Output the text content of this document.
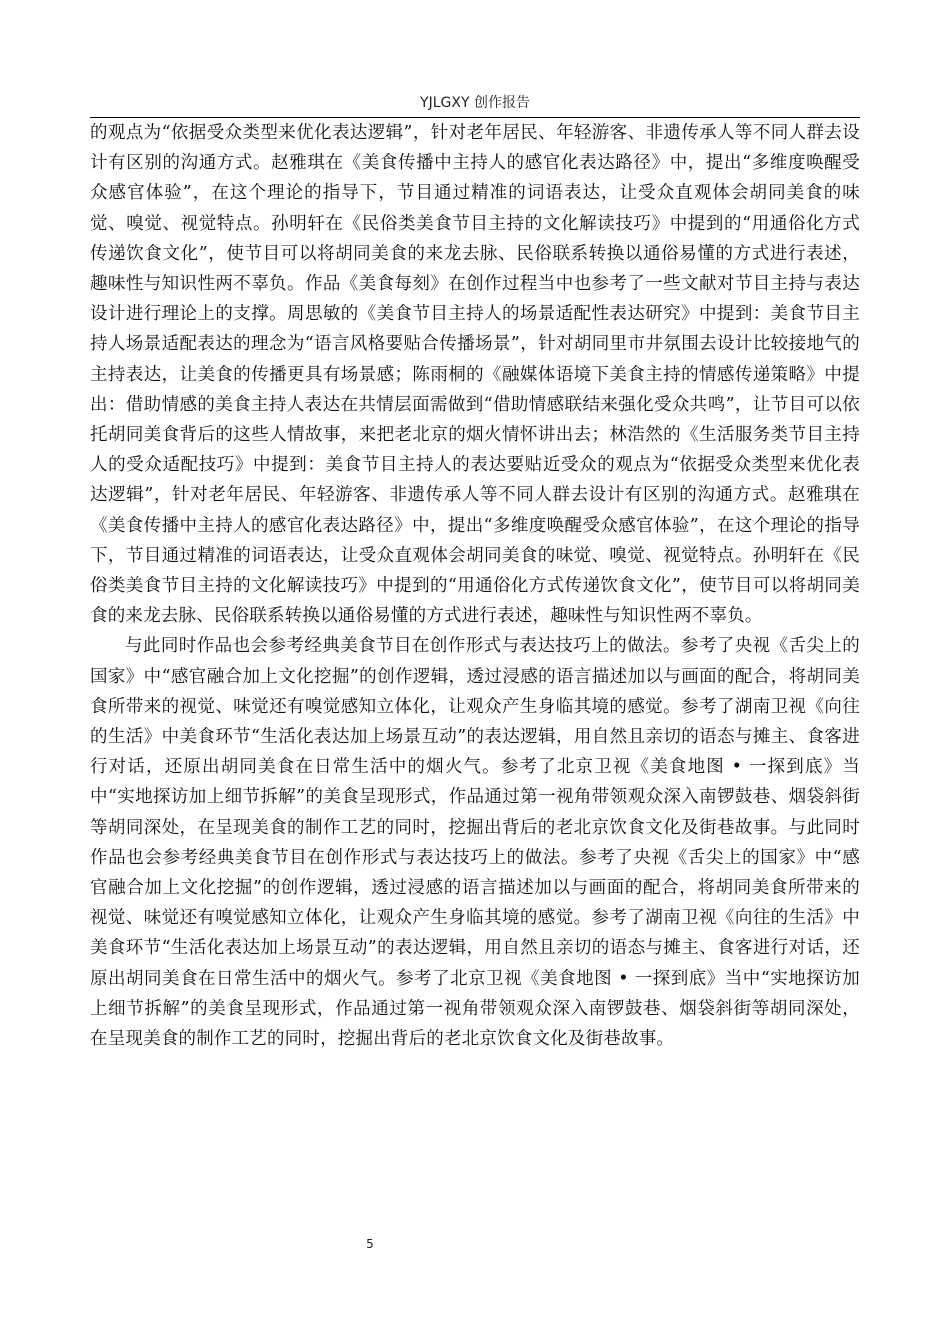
YJLGXY 创作报告

的观点为“依据受众类型来优化表达逻辑”，针对老年居民、年轻游客、非遗传承人等不同人群去设计有区别的沟通方式。赵雅琪在《美食传播中主持人的感官化表达路径》中，提出“多维度唤醒受众感官体验”，在这个理论的指导下，节目通过精准的词语表达，让受众直观体会胡同美食的味觉、嗅觉、视觉特点。孙明轩在《民俗类美食节目主持的文化解读技巧》中提到的“用通俗化方式传递饮食文化”，使节目可以将胡同美食的来龙去脉、民俗联系转换以通俗易懂的方式进行表述，趣味性与知识性两不辜负。作品《美食每刻》在创作过程当中也参考了一些文献对节目主持与表达设计进行理论上的支撑。周思敏的《美食节目主持人的场景适配性表达研究》中提到：美食节目主持人场景适配表达的理念为“语言风格要贴合传播场景”，针对胡同里市井氛围去设计比较接地气的主持表达，让美食的传播更具有场景感；陈雨桐的《融媒体语境下美食主持的情感传递策略》中提出：借助情感的美食主持人表达在共情层面需做到“借助情感联结来强化受众共鸣”，让节目可以依托胡同美食背后的这些人情故事，来把老北京的烟火情怀讲出去；林浩然的《生活服务类节目主持人的受众适配技巧》中提到：美食节目主持人的表达要贴近受众的观点为“依据受众类型来优化表达逻辑”，针对老年居民、年轻游客、非遗传承人等不同人群去设计有区别的沟通方式。赵雅琪在《美食传播中主持人的感官化表达路径》中，提出“多维度唤醒受众感官体验”，在这个理论的指导下，节目通过精准的词语表达，让受众直观体会胡同美食的味觉、嗅觉、视觉特点。孙明轩在《民俗类美食节目主持的文化解读技巧》中提到的“用通俗化方式传递饮食文化”，使节目可以将胡同美食的来龙去脉、民俗联系转换以通俗易懂的方式进行表述，趣味性与知识性两不辜负。

与此同时作品也会参考经典美食节目在创作形式与表达技巧上的做法。参考了央视《舌尖上的国家》中“感官融合加上文化挖掘”的创作逻辑，透过浸感的语言描述加以与画面的配合，将胡同美食所带来的视觉、味觉还有嗅觉感知立体化，让观众产生身临其境的感觉。参考了湖南卫视《向往的生活》中美食环节“生活化表达加上场景互动”的表达逻辑，用自然且亲切的语态与摊主、食客进行对话，还原出胡同美食在日常生活中的烟火气。参考了北京卫视《美食地图 • 一探到底》当中“实地探访加上细节拆解”的美食呈现形式，作品通过第一视角带领观众深入南锣鼓巷、烟袋斜街等胡同深处，在呈现美食的制作工艺的同时，挖掘出背后的老北京饮食文化及街巷故事。与此同时作品也会参考经典美食节目在创作形式与表达技巧上的做法。参考了央视《舌尖上的国家》中“感官融合加上文化挖掘”的创作逻辑，透过浸感的语言描述加以与画面的配合，将胡同美食所带来的视觉、味觉还有嗅觉感知立体化，让观众产生身临其境的感觉。参考了湖南卫视《向往的生活》中美食环节“生活化表达加上场景互动”的表达逻辑，用自然且亲切的语态与摊主、食客进行对话，还原出胡同美食在日常生活中的烟火气。参考了北京卫视《美食地图 • 一探到底》当中“实地探访加上细节拆解”的美食呈现形式，作品通过第一视角带领观众深入南锣鼓巷、烟袋斜街等胡同深处，在呈现美食的制作工艺的同时，挖掘出背后的老北京饮食文化及街巷故事。

5
